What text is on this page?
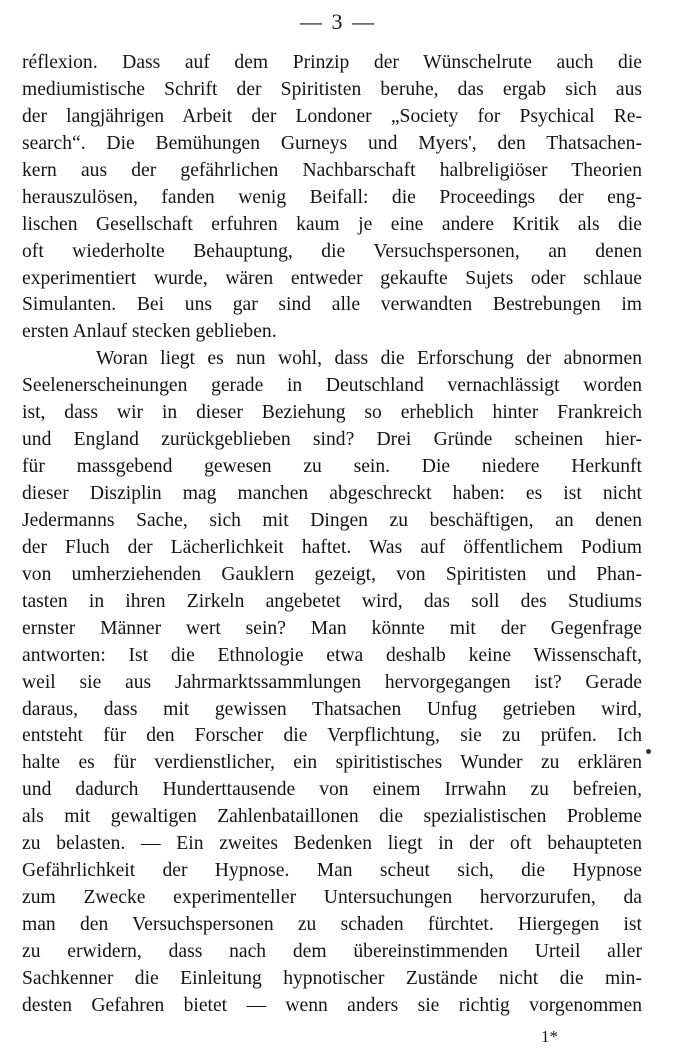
— 3 —
réflexion. Dass auf dem Prinzip der Wünschelrute auch die
mediumistische Schrift der Spiritisten beruhe, das ergab sich aus
der langjährigen Arbeit der Londoner „Society for Psychical Re-
search“. Die Bemühungen Gurneys und Myers', den Thatsachen-
kern aus der gefährlichen Nachbarschaft halbreligiöser Theorien
herauszulösen, fanden wenig Beifall: die Proceedings der eng-
lischen Gesellschaft erfuhren kaum je eine andere Kritik als die
oft wiederholte Behauptung, die Versuchspersonen, an denen
experimentiert wurde, wären entweder gekaufte Sujets oder schlaue
Simulanten. Bei uns gar sind alle verwandten Bestrebungen im
ersten Anlauf stecken geblieben.
Woran liegt es nun wohl, dass die Erforschung der abnormen
Seelenerscheinungen gerade in Deutschland vernachlässigt worden
ist, dass wir in dieser Beziehung so erheblich hinter Frankreich
und England zurückgeblieben sind? Drei Gründe scheinen hier-
für massgebend gewesen zu sein. Die niedere Herkunft
dieser Disziplin mag manchen abgeschreckt haben: es ist nicht
Jedermanns Sache, sich mit Dingen zu beschäftigen, an denen
der Fluch der Lächerlichkeit haftet. Was auf öffentlichem Podium
von umherziehenden Gauklern gezeigt, von Spiritisten und Phan-
tasten in ihren Zirkeln angebetet wird, das soll des Studiums
ernster Männer wert sein? Man könnte mit der Gegenfrage
antworten: Ist die Ethnologie etwa deshalb keine Wissenschaft,
weil sie aus Jahrmarktssammlungen hervorgegangen ist? Gerade
daraus, dass mit gewissen Thatsachen Unfug getrieben wird,
entsteht für den Forscher die Verpflichtung, sie zu prüfen. Ich
halte es für verdienstlicher, ein spiritistisches Wunder zu erklären
und dadurch Hunderttausende von einem Irrwahn zu befreien,
als mit gewaltigen Zahlenbataillonen die spezialistischen Probleme
zu belasten. — Ein zweites Bedenken liegt in der oft behaupteten
Gefährlichkeit der Hypnose. Man scheut sich, die Hypnose
zum Zwecke experimenteller Untersuchungen hervorzurufen, da
man den Versuchspersonen zu schaden fürchtet. Hiergegen ist
zu erwidern, dass nach dem übereinstimmenden Urteil aller
Sachkenner die Einleitung hypnotischer Zustände nicht die min-
desten Gefahren bietet — wenn anders sie richtig vorgenommen
1*
